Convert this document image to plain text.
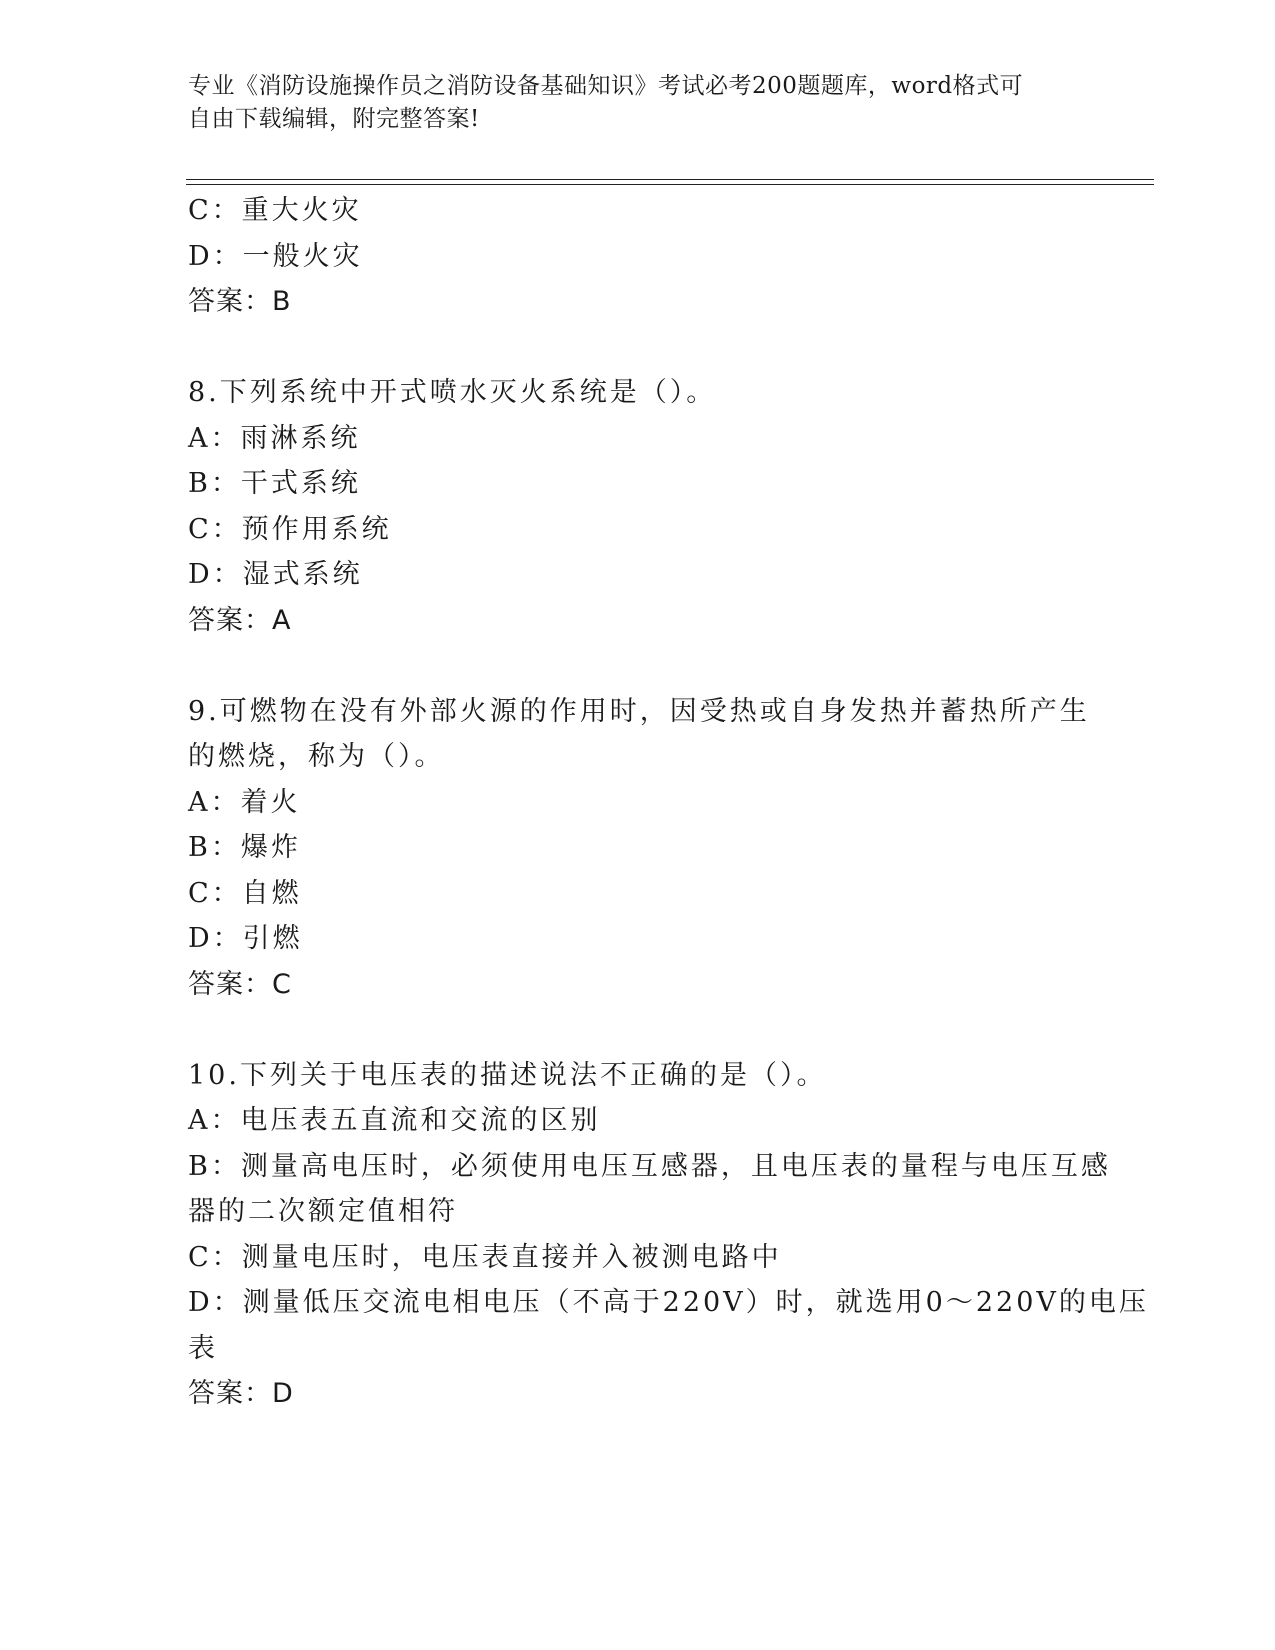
专业《消防设施操作员之消防设备基础知识》考试必考200题题库，word格式可
自由下载编辑，附完整答案!
C：重大火灾
D：一般火灾
答案：B
8.下列系统中开式喷水灭火系统是（）。
A：雨淋系统
B：干式系统
C：预作用系统
D：湿式系统
答案：A
9.可燃物在没有外部火源的作用时，因受热或自身发热并蓄热所产生
的燃烧，称为（）。
A：着火
B：爆炸
C：自燃
D：引燃
答案：C
10.下列关于电压表的描述说法不正确的是（）。
A：电压表五直流和交流的区别
B：测量高电压时，必须使用电压互感器，且电压表的量程与电压互感
器的二次额定值相符
C：测量电压时，电压表直接并入被测电路中
D：测量低压交流电相电压（不高于220V）时，就选用0～220V的电压
表
答案：D
